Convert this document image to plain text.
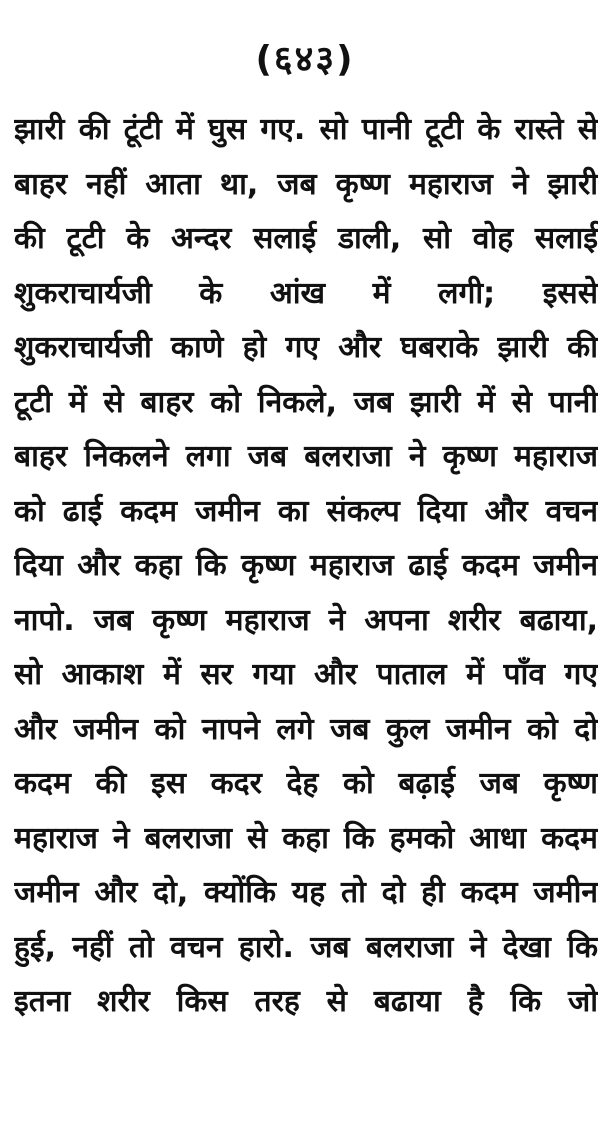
(६४३)
झारी की टूंटी में घुस गए. सो पानी टूटी के रास्ते से
बाहर नहीं आता था, जब कृष्ण महाराज ने झारी
की टूटी के अन्दर सलाई डाली, सो वोह सलाई
शुकराचार्यजी के आंख में लगी; इससे
शुकराचार्यजी काणे हो गए और घबराके झारी की
टूटी में से बाहर को निकले, जब झारी में से पानी
बाहर निकलने लगा जब बलराजा ने कृष्ण महाराज
को ढाई कदम जमीन का संकल्प दिया और वचन
दिया और कहा कि कृष्ण महाराज ढाई कदम जमीन
नापो. जब कृष्ण महाराज ने अपना शरीर बढाया,
सो आकाश में सर गया और पाताल में पाँव गए
और जमीन को नापने लगे जब कुल जमीन को दो
कदम की इस कदर देह को बढ़ाई जब कृष्ण
महाराज ने बलराजा से कहा कि हमको आधा कदम
जमीन और दो, क्योंकि यह तो दो ही कदम जमीन
हुई, नहीं तो वचन हारो. जब बलराजा ने देखा कि
इतना शरीर किस तरह से बढाया है कि जो
